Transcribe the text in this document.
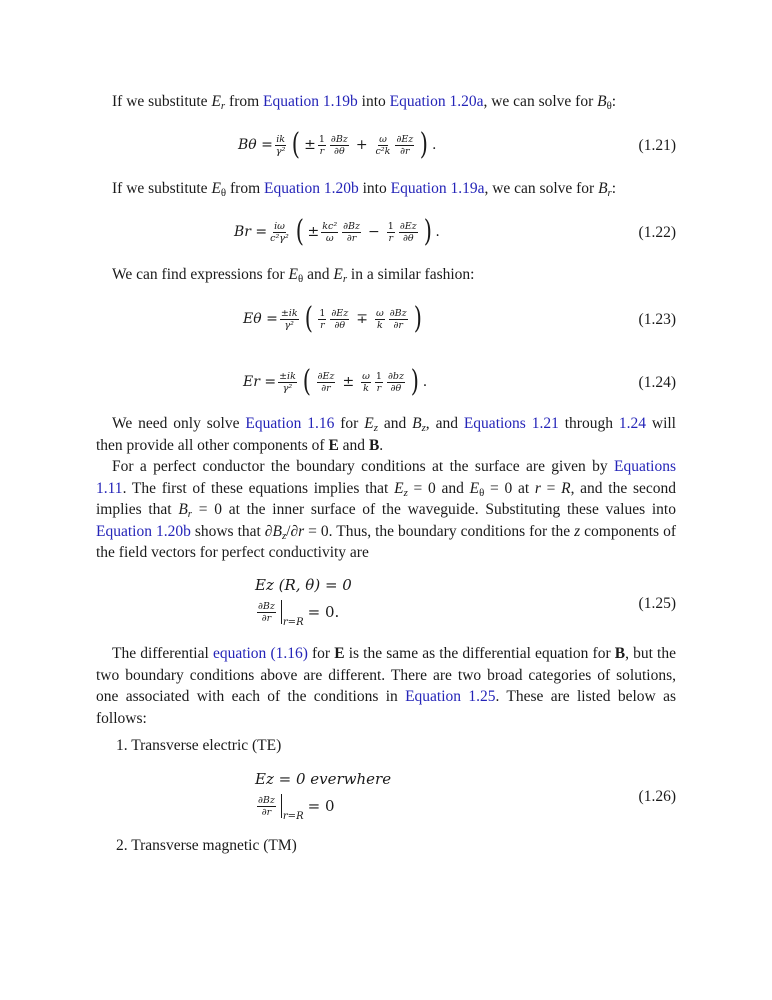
If we substitute $E_r$ from Equation 1.19b into Equation 1.20a, we can solve for $B_\theta$:
$B\theta = \frac{ik}{\text{γ²}}$ ( ± $\frac{1}{r} \frac{\partial Bz}{\partial\theta} + \frac{\omega}{\text{c²k}} \frac{\partial Ez}{\partial r}$ ) .	(1.21)
If we substitute $E_\theta$ from Equation 1.20b into Equation 1.19a, we can solve for $B_r$:
$Br = \frac{i\omega}{\text{c²γ²}}$ ( ± $\frac{\text{kc²}}{\omega} \frac{\partial Bz}{\partial r} - \frac{1}{r} \frac{\partial Ez}{\partial\theta}$ ) .	(1.22)
We can find expressions for $E_\theta$ and $E_r$ in a similar fashion:
$E\theta = \frac{\pm ik}{\text{γ²}}$ ( $\frac{1}{r} \frac{\partial Ez}{\partial\theta} \mp \frac{\omega}{k} \frac{\partial Bz}{\partial r}$ )	(1.23)
$Er = \frac{\pm ik}{\text{γ²}}$ ( $\frac{\partial Ez}{\partial r} \pm \frac{\omega}{k} \frac{1}{r} \frac{\partial bz}{\partial\theta}$ ) .	(1.24)
We need only solve Equation 1.16 for $E_z$ and $B_z$, and Equations 1.21 through 1.24 will then provide all other components of E and B.
For a perfect conductor the boundary conditions at the surface are given by Equations 1.11. The first of these equations implies that $E_z = 0$ and $E_\theta = 0$ at r = R, and the second implies that $B_r = 0$ at the inner surface of the waveguide. Substituting these values into Equation 1.20b shows that $\partial B_z/\partial r = 0$. Thus, the boundary conditions for the z components of the field vectors for perfect conductivity are
Ez (R, θ) = 0
$\frac{\partial Bz}{\partial r} r=R$
= 0.	(1.25)
The differential equation (1.16) for E is the same as the differential equation for B, but the two boundary conditions above are different. There are two broad categories of solutions, one associated with each of the conditions in Equation 1.25. These are listed below as follows:
1. Transverse electric (TE)
Ez = 0 everwhere
$\frac{\partial Bz}{\partial r} r=R$
= 0
(1.26)
2. Transverse magnetic (TM)
